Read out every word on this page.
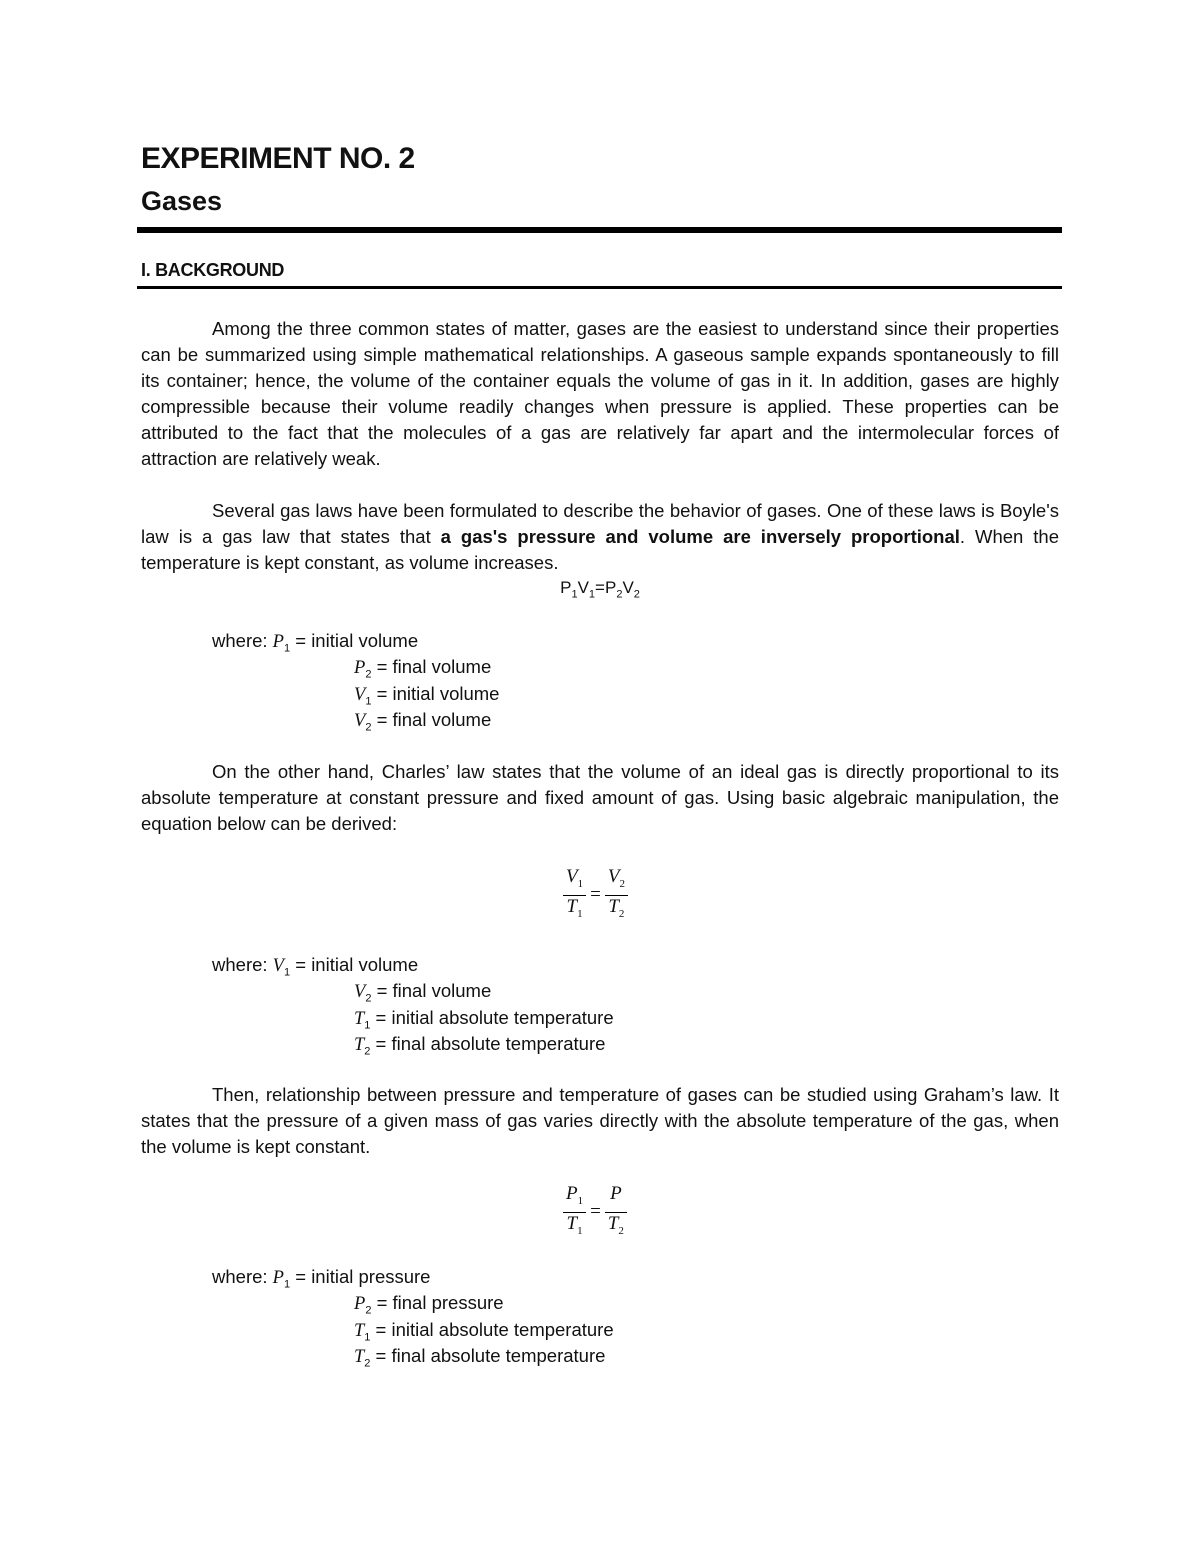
EXPERIMENT NO. 2
Gases
I. BACKGROUND

Among the three common states of matter, gases are the easiest to understand since their properties can be summarized using simple mathematical relationships. A gaseous sample expands spontaneously to fill its container; hence, the volume of the container equals the volume of gas in it. In addition, gases are highly compressible because their volume readily changes when pressure is applied. These properties can be attributed to the fact that the molecules of a gas are relatively far apart and the intermolecular forces of attraction are relatively weak.

Several gas laws have been formulated to describe the behavior of gases. One of these laws is Boyle's law is a gas law that states that a gas's pressure and volume are inversely proportional. When the temperature is kept constant, as volume increases.

$P_1V_1=P_2V_2$
where: $P_1$ = initial volume
$P_2$ = final volume
$V_1$ = initial volume
$V_2$ = final volume

On the other hand, Charles’ law states that the volume of an ideal gas is directly proportional to its absolute temperature at constant pressure and fixed amount of gas. Using basic algebraic manipulation, the equation below can be derived:

$V_1$	=	$V_2$
$T_1$		$T_2$
where: $V_1$ = initial volume
$V_2$ = final volume
$T_1$ = initial absolute temperature
$T_2$ = final absolute temperature

Then, relationship between pressure and temperature of gases can be studied using Graham’s law. It states that the pressure of a given mass of gas varies directly with the absolute temperature of the gas, when the volume is kept constant.

$P_1$	=	P
$T_1$		$T_2$
where: $P_1$ = initial pressure
$P_2$ = final pressure
$T_1$ = initial absolute temperature
$T_2$ = final absolute temperature
